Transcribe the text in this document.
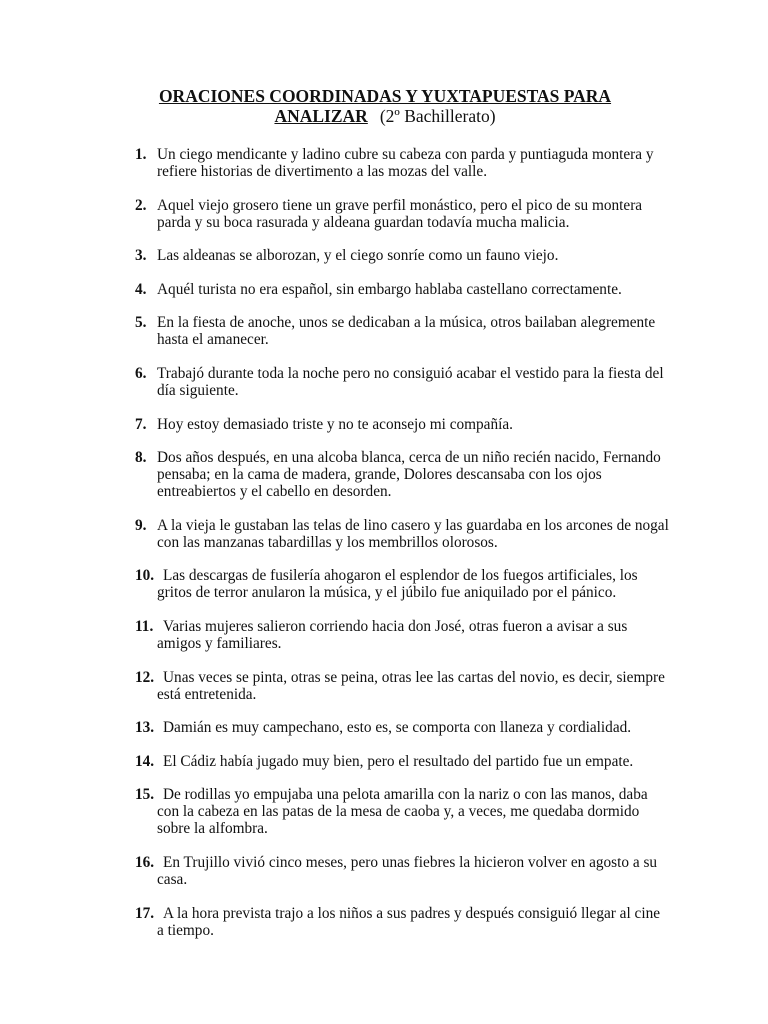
ORACIONES COORDINADAS Y YUXTAPUESTAS PARA
ANALIZAR (2º Bachillerato)
1. Un ciego mendicante y ladino cubre su cabeza con parda y puntiaguda montera y refiere historias de divertimento a las mozas del valle.
2. Aquel viejo grosero tiene un grave perfil monástico, pero el pico de su montera parda y su boca rasurada y aldeana guardan todavía mucha malicia.
3. Las aldeanas se alborozan, y el ciego sonríe como un fauno viejo.
4. Aquél turista no era español, sin embargo hablaba castellano correctamente.
5. En la fiesta de anoche, unos se dedicaban a la música, otros bailaban alegremente hasta el amanecer.
6. Trabajó durante toda la noche pero no consiguió acabar el vestido para la fiesta del día siguiente.
7. Hoy estoy demasiado triste y no te aconsejo mi compañía.
8. Dos años después, en una alcoba blanca, cerca de un niño recién nacido, Fernando pensaba; en la cama de madera, grande, Dolores descansaba con los ojos entreabiertos y el cabello en desorden.
9. A la vieja le gustaban las telas de lino casero y las guardaba en los arcones de nogal con las manzanas tabardillas y los membrillos olorosos.
10. Las descargas de fusilería ahogaron el esplendor de los fuegos artificiales, los gritos de terror anularon la música, y el júbilo fue aniquilado por el pánico.
11. Varias mujeres salieron corriendo hacia don José, otras fueron a avisar a sus amigos y familiares.
12. Unas veces se pinta, otras se peina, otras lee las cartas del novio, es decir, siempre está entretenida.
13. Damián es muy campechano, esto es, se comporta con llaneza y cordialidad.
14. El Cádiz había jugado muy bien, pero el resultado del partido fue un empate.
15. De rodillas yo empujaba una pelota amarilla con la nariz o con las manos, daba con la cabeza en las patas de la mesa de caoba y, a veces, me quedaba dormido sobre la alfombra.
16. En Trujillo vivió cinco meses, pero unas fiebres la hicieron volver en agosto a su casa.
17. A la hora prevista trajo a los niños a sus padres y después consiguió llegar al cine a tiempo.
